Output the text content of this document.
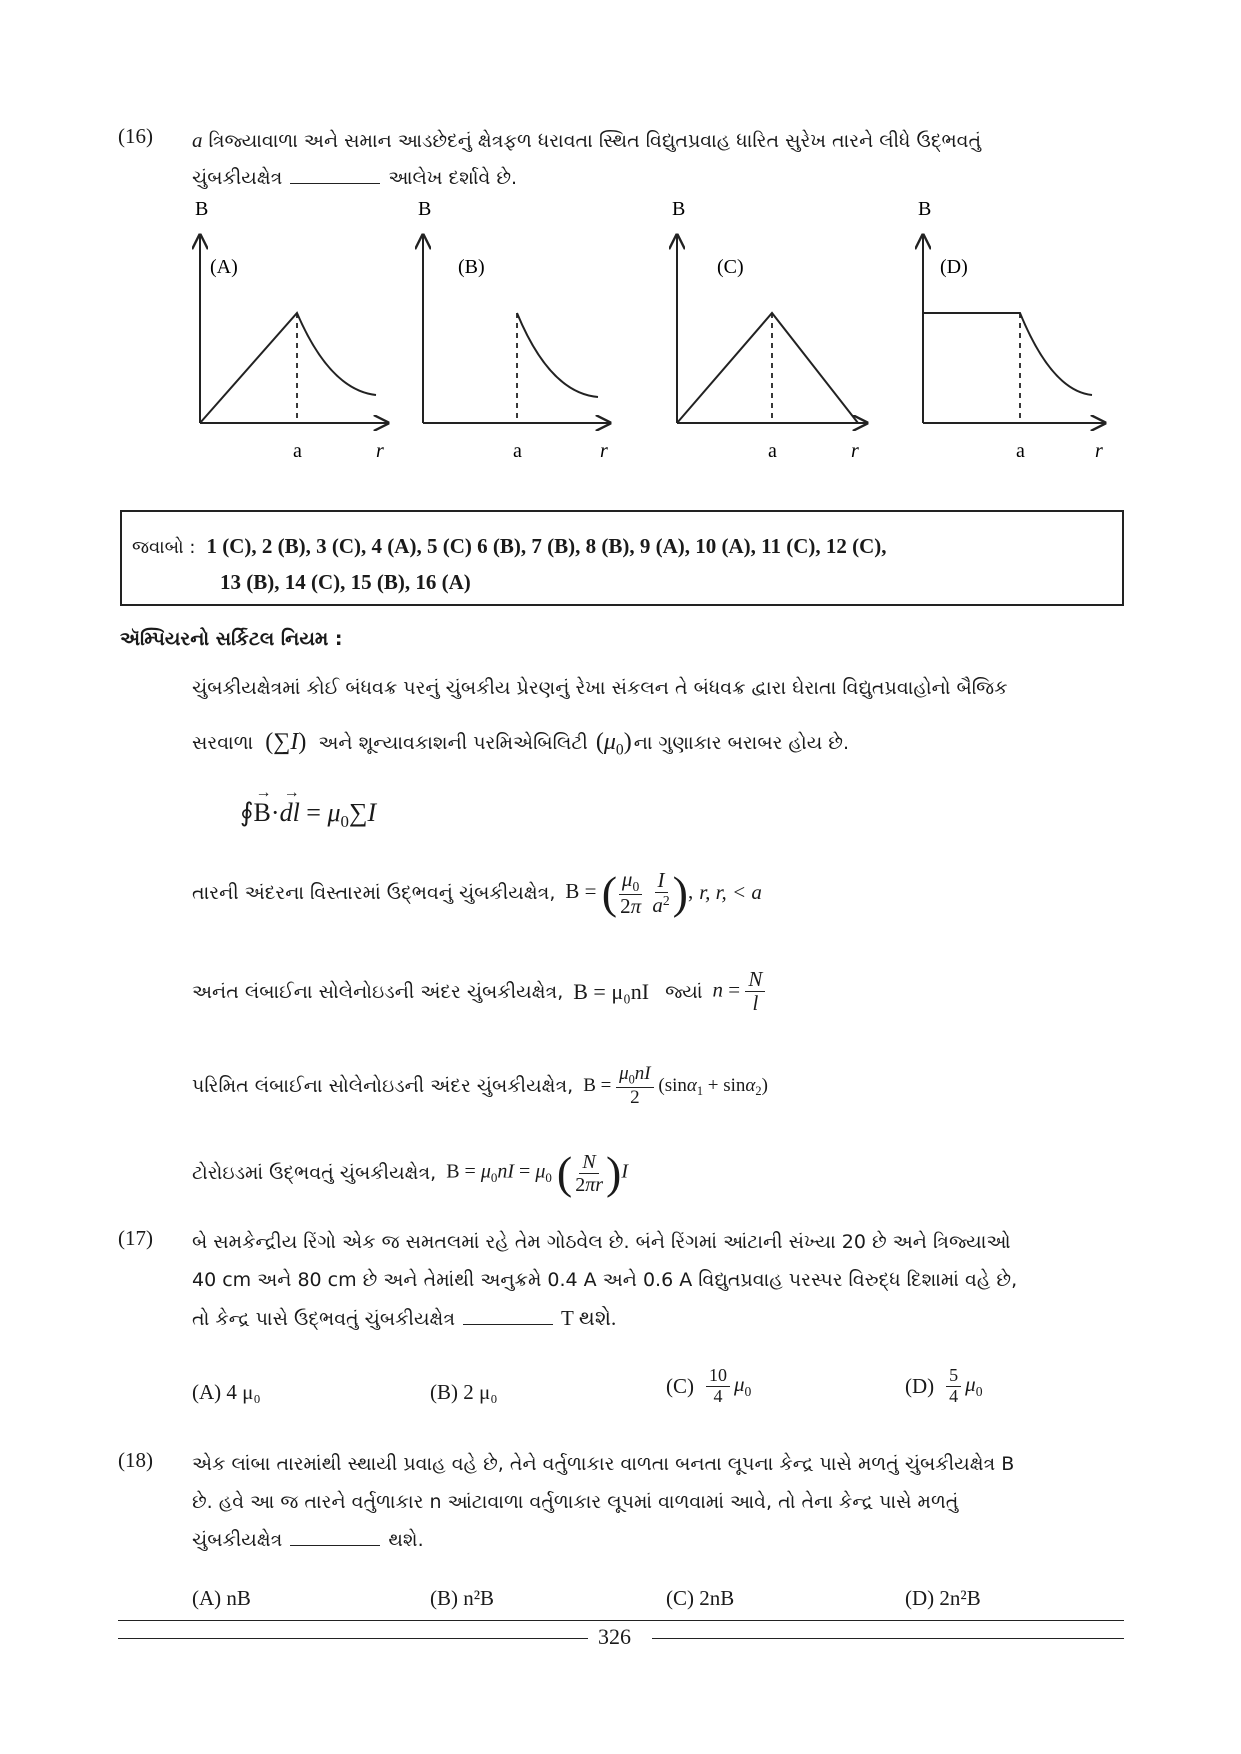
(16) a ત્રિજ્યાવાળા અને સમાન આડછેદનું ક્ષેત્રફળ ધરાવતા સ્થિત વિદ્યુતપ્રવાહ ધારિત સુરેખ તારને લીધે ઉદ્ભવતું
ચુંબકીયક્ષેત્ર	આલેખ દર્શાવે છે.
B
(A)
a	r
B
(B)
a	r
B
(C)
a	r
B
(D)
a	r
જવાબો : 1 (C), 2 (B), 3 (C), 4 (A), 5 (C) 6 (B), 7 (B), 8 (B), 9 (A), 10 (A), 11 (C), 12 (C),
13 (B), 14 (C), 15 (B), 16 (A)
ઍમ્પિયરનો સર્કિટલ નિયમ :
ચુંબકીયક્ષેત્રમાં કોઈ બંધવક્ર પરનું ચુંબકીય પ્રેરણનું રેખા સંકલન તે બંધવક્ર દ્વારા ઘેરાતા વિદ્યુતપ્રવાહોનો બૈજિક
સરવાળા (∑I) અને શૂન્યાવકાશની પરમિએબિલિટી $(\mu_0)$ ના ગુણાકાર બરાબર હોય છે.
∮B
→
·dl
→
= $\mu_0\sum I$
તારની અંદરના વિસ્તારમાં ઉદ્ભવનું ચુંબકીયક્ષેત્ર, B = ( $\frac{\mu_0}{2\pi}$
$\frac{I}{a^2}$ ), r, r, < a
અનંત લંબાઈના સોલેનોઇડની અંદર ચુંબકીયક્ષેત્ર, B = μ₀nI જ્યાં $n = \frac{N}{l}$
પરિમિત લંબાઈના સોલેનોઇડની અંદર ચુંબકીયક્ષેત્ર, $B = \frac{\mu_0nI}{2} (\sin\alpha_1 + \sin\alpha_2)$
ટોરોઇડમાં ઉદ્ભવતું ચુંબકીયક્ષેત્ર, $B = \mu_0nI = \mu_0$ ( $\frac{N}{2\pi r} )I$
(17) બે સમકેન્દ્રીય રિંગો એક જ સમતલમાં રહે તેમ ગોઠવેલ છે. બંને રિંગમાં આંટાની સંખ્યા 20 છે અને ત્રિજ્યાઓ
40 cm અને 80 cm છે અને તેમાંથી અનુક્રમે 0.4 A અને 0.6 A વિદ્યુતપ્રવાહ પરસ્પર વિરુદ્ધ દિશામાં વહે છે,
તો કેન્દ્ર પાસે ઉદ્ભવતું ચુંબકીયક્ષેત્ર	T થશે.
(A) 4 μ₀	(B) 2 μ₀	$(C) \frac{10}{4} \mu_0$	$(D) \frac{5}{4} \mu_0$
(18) એક લાંબા તારમાંથી સ્થાયી પ્રવાહ વહે છે, તેને વર્તુળાકાર વાળતા બનતા લૂપના કેન્દ્ર પાસે મળતું ચુંબકીયક્ષેત્ર B
છે. હવે આ જ તારને વર્તુળાકાર n આંટાવાળા વર્તુળાકાર લૂપમાં વાળવામાં આવે, તો તેના કેન્દ્ર પાસે મળતું
ચુંબકીયક્ષેત્ર	થશે.
(A) nB	(B) n²B	(C) 2nB	(D) 2n²B
326
